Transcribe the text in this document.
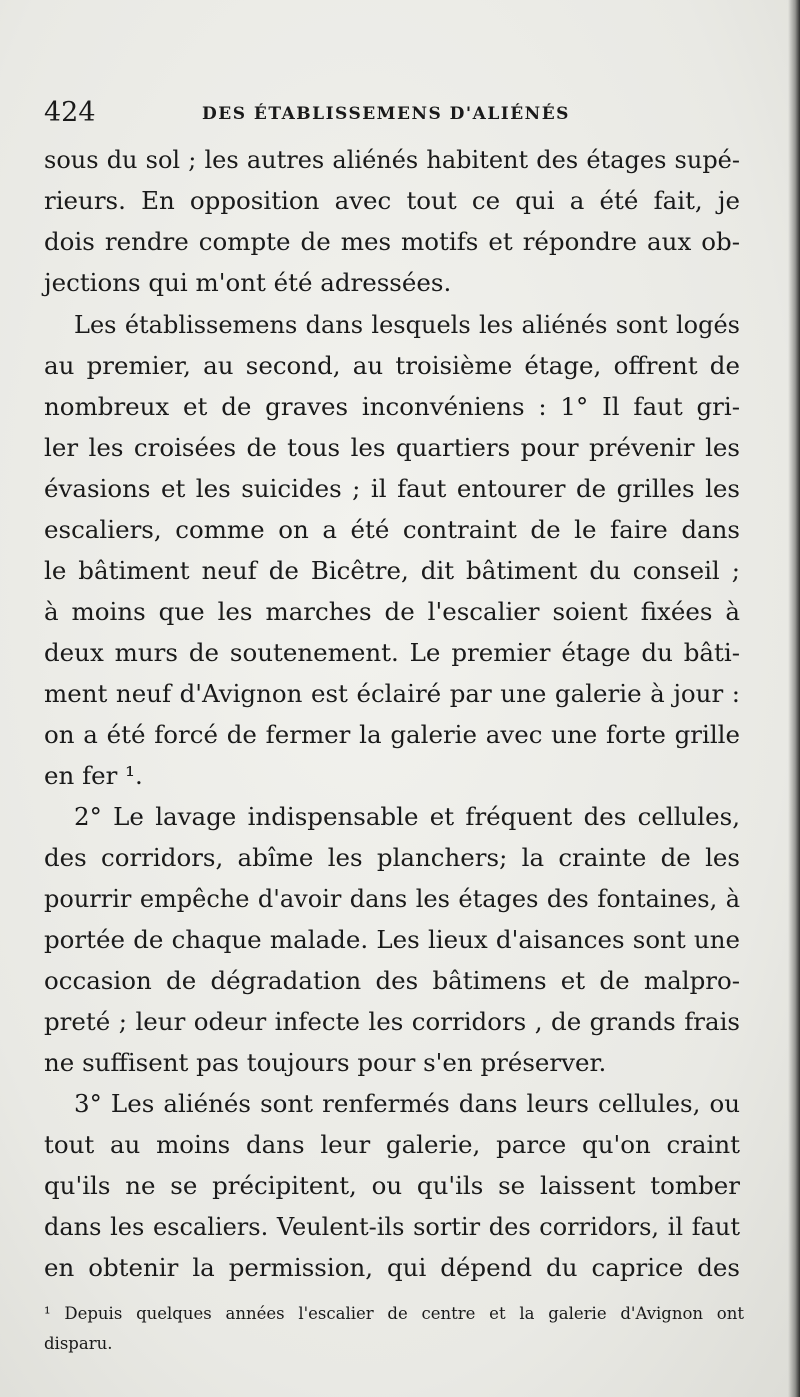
424	DES ÉTABLISSEMENS D'ALIÉNÉS
sous du sol ; les autres aliénés habitent des étages supé-
rieurs. En opposition avec tout ce qui a été fait, je
dois rendre compte de mes motifs et répondre aux ob-
jections qui m'ont été adressées.
Les établissemens dans lesquels les aliénés sont logés
au premier, au second, au troisième étage, offrent de
nombreux et de graves inconvéniens : 1° Il faut gri-
ler les croisées de tous les quartiers pour prévenir les
évasions et les suicides ; il faut entourer de grilles les
escaliers, comme on a été contraint de le faire dans
le bâtiment neuf de Bicêtre, dit bâtiment du conseil ;
à moins que les marches de l'escalier soient fixées à
deux murs de soutenement. Le premier étage du bâti-
ment neuf d'Avignon est éclairé par une galerie à jour :
on a été forcé de fermer la galerie avec une forte grille
en fer ¹.
2° Le lavage indispensable et fréquent des cellules,
des corridors, abîme les planchers; la crainte de les
pourrir empêche d'avoir dans les étages des fontaines, à
portée de chaque malade. Les lieux d'aisances sont une
occasion de dégradation des bâtimens et de malpro-
preté ; leur odeur infecte les corridors , de grands frais
ne suffisent pas toujours pour s'en préserver.
3° Les aliénés sont renfermés dans leurs cellules, ou
tout au moins dans leur galerie, parce qu'on craint
qu'ils ne se précipitent, ou qu'ils se laissent tomber
dans les escaliers. Veulent-ils sortir des corridors, il faut
en obtenir la permission, qui dépend du caprice des
¹ Depuis quelques années l'escalier de centre et la galerie d'Avignon ont
disparu.
